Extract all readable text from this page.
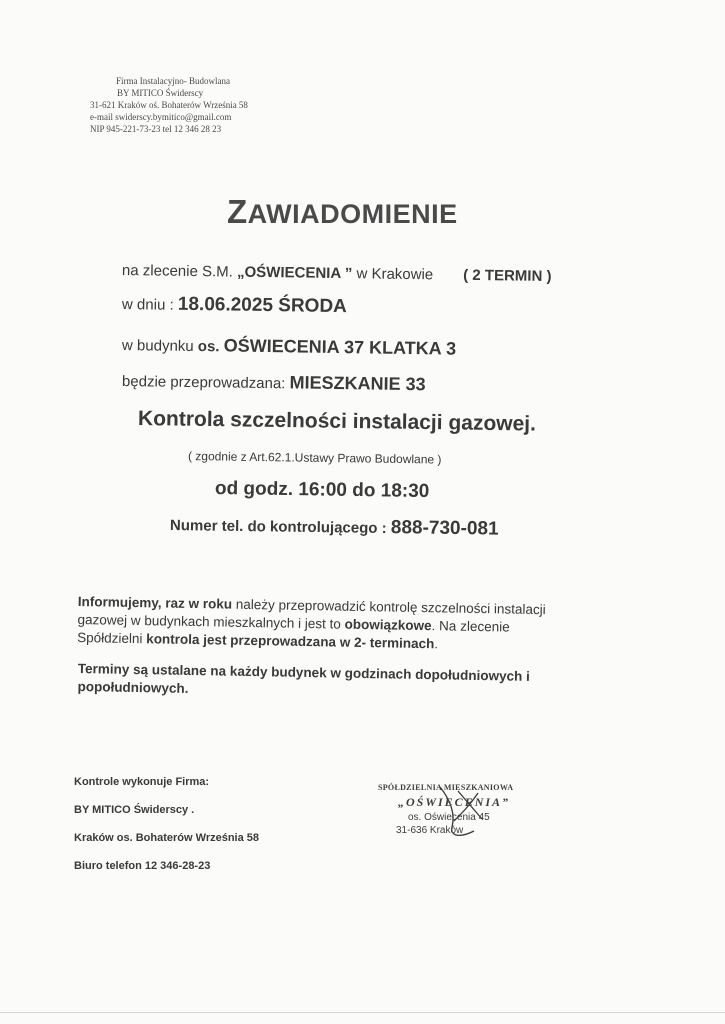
Firma Instalacyjno- Budowlana
BY MITICO Świderscy
31-621 Kraków oś. Bohaterów Września 58
e-mail swiderscy.bymitico@gmail.com
NIP 945-221-73-23 tel 12 346 28 23
ZAWIADOMIENIE
na zlecenie S.M. „OŚWIECENIA ” w Krakowie ( 2 TERMIN )
w dniu : 18.06.2025 ŚRODA
w budynku os. OŚWIECENIA 37 KLATKA 3
będzie przeprowadzana: MIESZKANIE 33
Kontrola szczelności instalacji gazowej.
( zgodnie z Art.62.1.Ustawy Prawo Budowlane )
od godz. 16:00 do 18:30
Numer tel. do kontrolującego : 888-730-081

Informujemy, raz w roku należy przeprowadzić kontrolę szczelności instalacji

gazowej w budynkach mieszkalnych i jest to obowiązkowe. Na zlecenie

Spółdzielni kontrola jest przeprowadzana w 2- terminach.

Terminy są ustalane na każdy budynek w godzinach dopołudniowych i

popołudniowych.

Kontrole wykonuje Firma:
BY MITICO Świderscy .
Kraków os. Bohaterów Września 58
Biuro telefon 12 346-28-23
SPÓŁDZIELNIA MIESZKANIOWA
„OŚWIECENIA”
os. Oświecenia 45
31-636 Kraków
